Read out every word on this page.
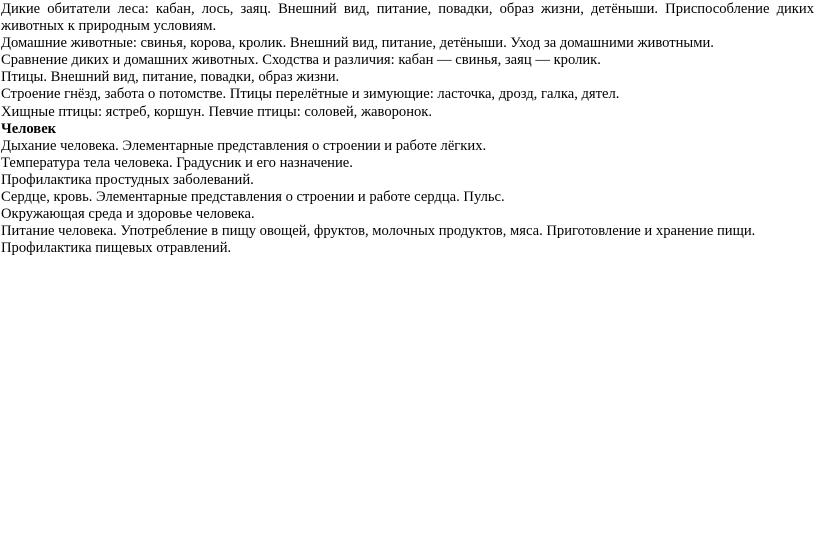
Дикие обитатели леса: кабан, лось, заяц. Внешний вид, питание, повадки, образ жизни, детёныши. Приспособление диких животных к природным условиям.

Домашние животные: свинья, корова, кролик. Внешний вид, питание, детёныши. Уход за домашними животными.

Сравнение диких и домашних животных. Сходства и различия: кабан — свинья, заяц — кролик.

Птицы. Внешний вид, питание, повадки, образ жизни.

Строение гнёзд, забота о потомстве. Птицы перелётные и зимующие: ласточка, дрозд, галка, дятел.

Хищные птицы: ястреб, коршун. Певчие птицы: соловей, жаворонок.

Человек

Дыхание человека. Элементарные представления о строении и работе лёгких.

Температура тела человека. Градусник и его назначение.

Профилактика простудных заболеваний.

Сердце, кровь. Элементарные представления о строении и работе сердца. Пульс.

Окружающая среда и здоровье человека.

Питание человека. Употребление в пищу овощей, фруктов, молочных продуктов, мяса. Приготовление и хранение пищи. Профилактика пищевых отравлений.
